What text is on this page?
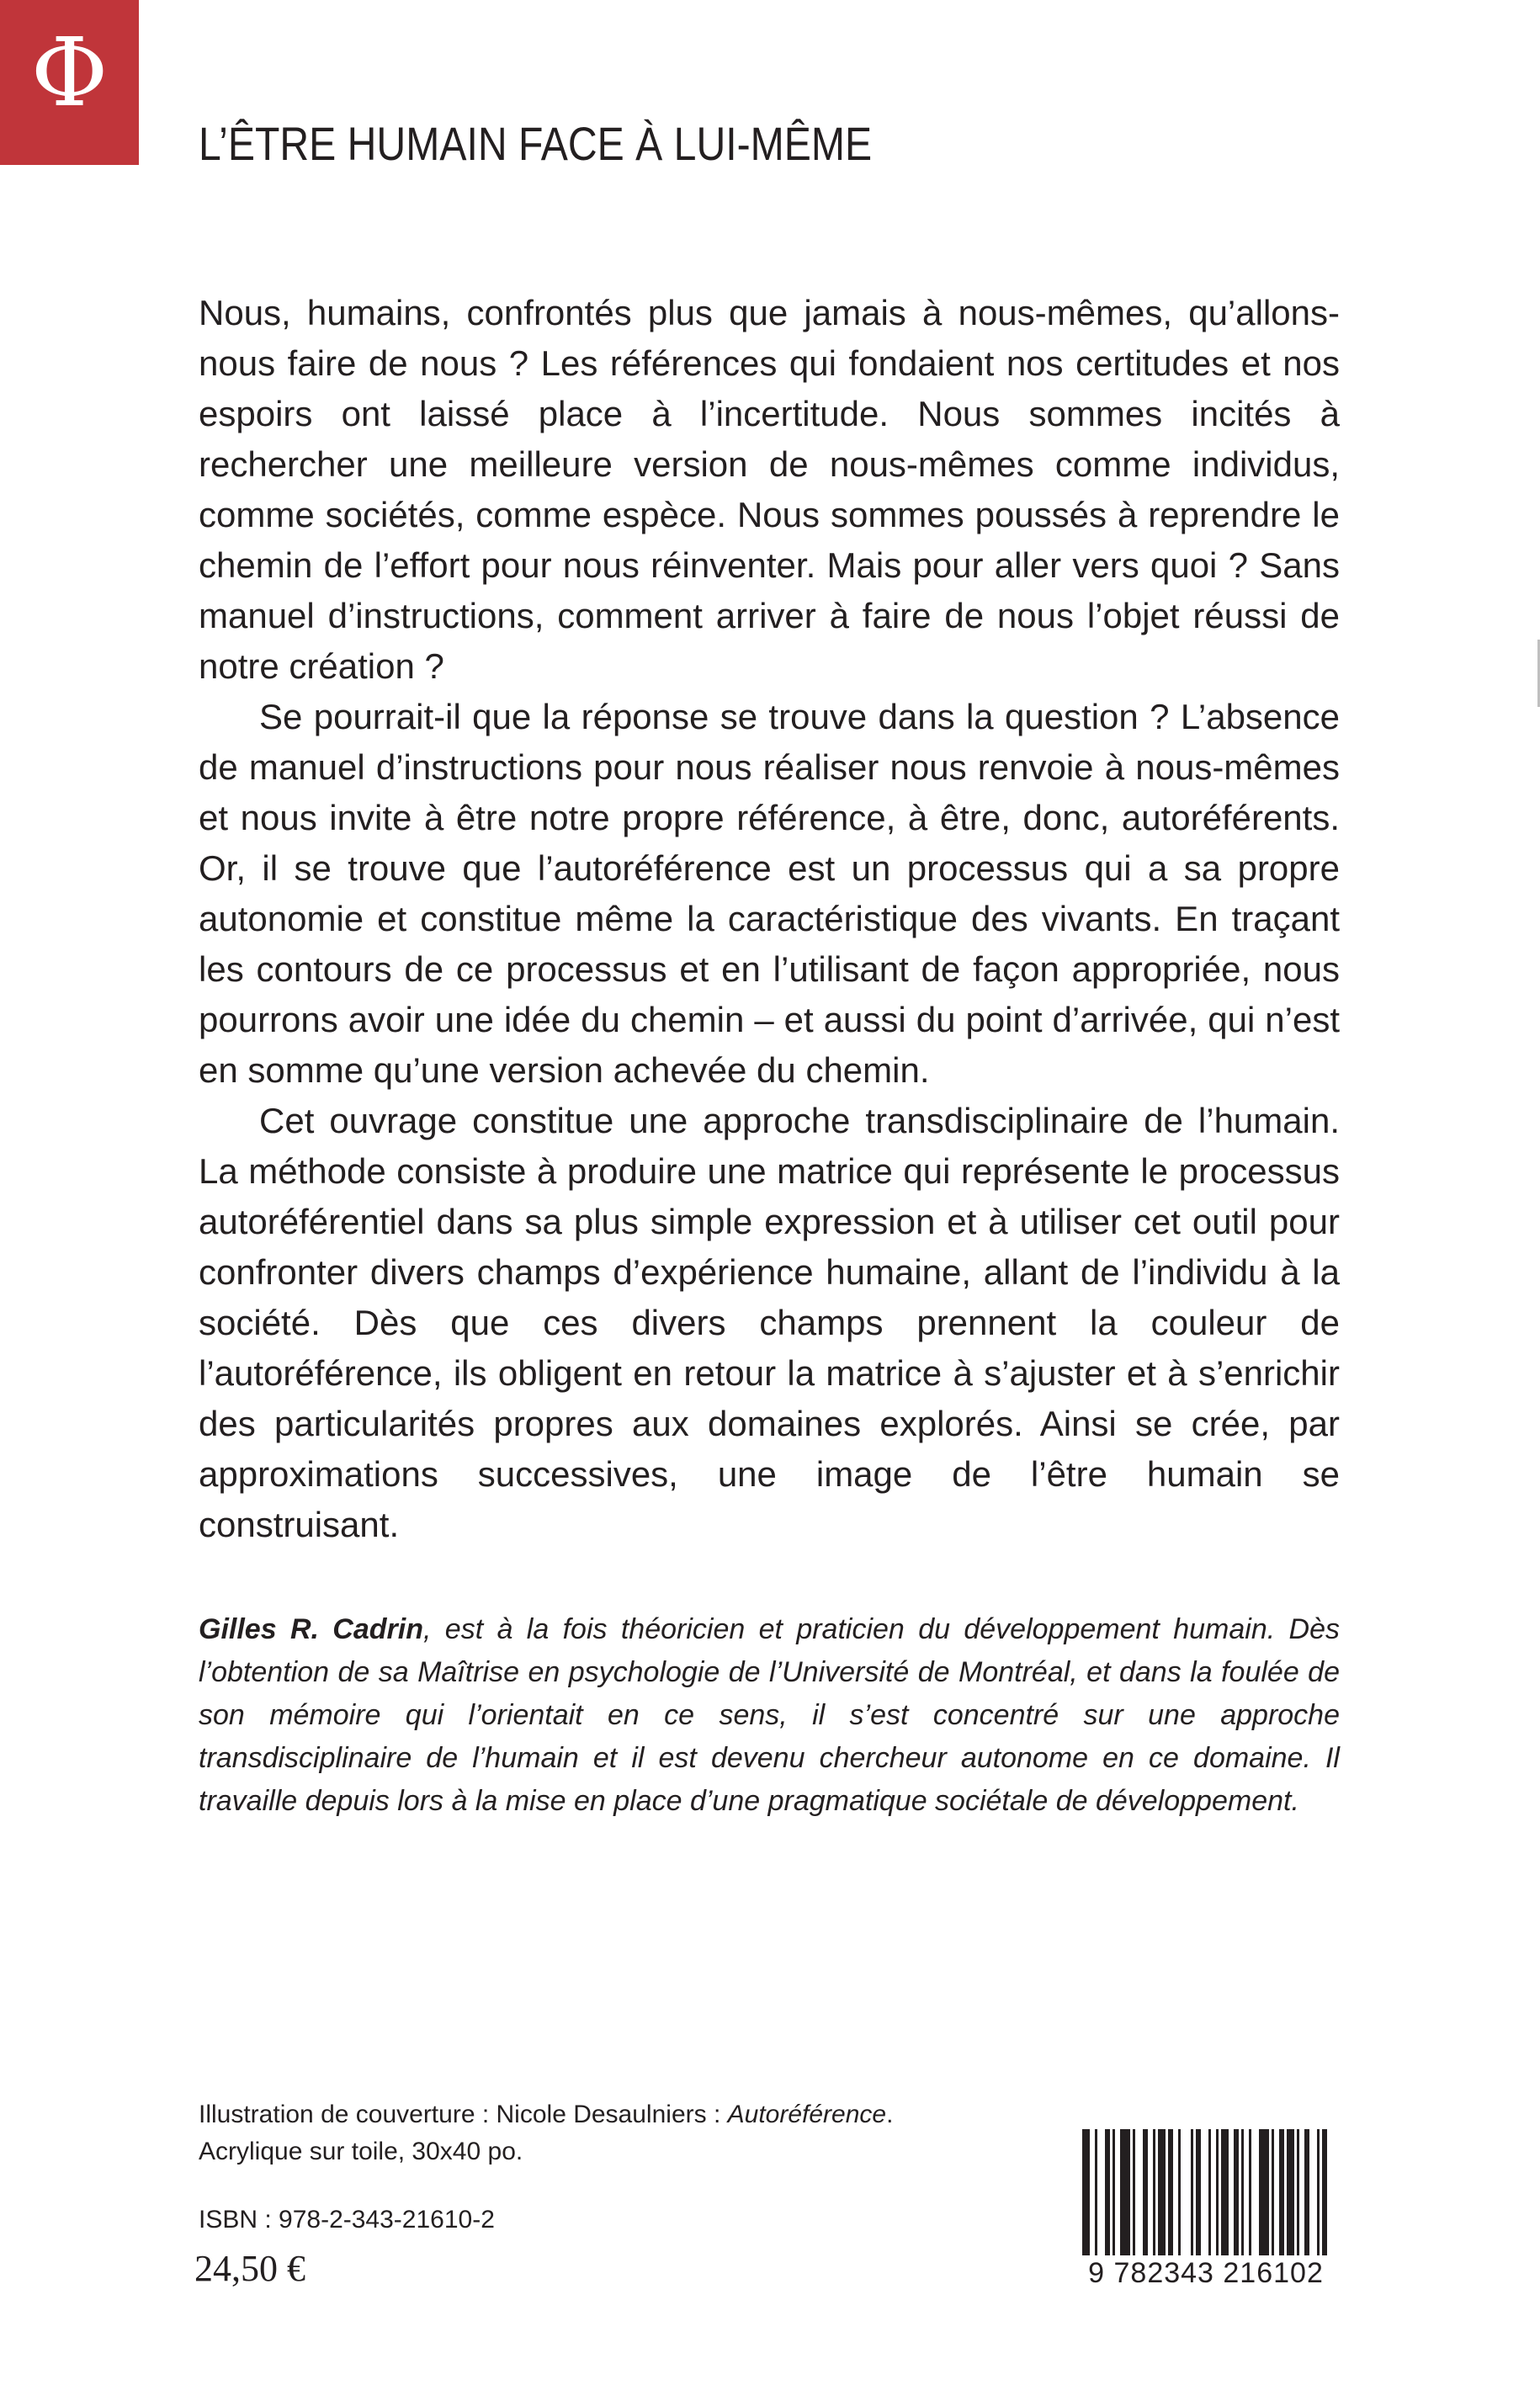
Φ
L’ÊTRE HUMAIN FACE À LUI-MÊME

Nous, humains, confrontés plus que jamais à nous-mêmes, qu’allons-nous faire de nous ? Les références qui fondaient nos certitudes et nos espoirs ont laissé place à l’incertitude. Nous sommes incités à rechercher une meilleure version de nous-mêmes comme individus, comme sociétés, comme espèce. Nous sommes poussés à reprendre le chemin de l’effort pour nous réinventer. Mais pour aller vers quoi ? Sans manuel d’instructions, comment arriver à faire de nous l’objet réussi de notre création ?

Se pourrait-il que la réponse se trouve dans la question ? L’absence de manuel d’instructions pour nous réaliser nous renvoie à nous-mêmes et nous invite à être notre propre référence, à être, donc, autoréférents. Or, il se trouve que l’autoréférence est un processus qui a sa propre autonomie et constitue même la caractéristique des vivants. En traçant les contours de ce processus et en l’utilisant de façon appropriée, nous pourrons avoir une idée du chemin – et aussi du point d’arrivée, qui n’est en somme qu’une version achevée du chemin.

Cet ouvrage constitue une approche transdisciplinaire de l’humain. La méthode consiste à produire une matrice qui représente le processus autoréférentiel dans sa plus simple expression et à utiliser cet outil pour confronter divers champs d’expérience humaine, allant de l’individu à la société. Dès que ces divers champs prennent la couleur de l’autoréférence, ils obligent en retour la matrice à s’ajuster et à s’enrichir des particularités propres aux domaines explorés. Ainsi se crée, par approximations successives, une image de l’être humain se construisant.

Gilles R. Cadrin, est à la fois théoricien et praticien du développement humain. Dès l’obtention de sa Maîtrise en psychologie de l’Université de Montréal, et dans la foulée de son mémoire qui l’orientait en ce sens, il s’est concentré sur une approche transdisciplinaire de l’humain et il est devenu chercheur autonome en ce domaine. Il travaille depuis lors à la mise en place d’une pragmatique sociétale de développement.
Illustration de couverture : Nicole Desaulniers : Autoréférence.
Acrylique sur toile, 30x40 po.
ISBN : 978-2-343-21610-2
24,50 €	9 782343 216102
